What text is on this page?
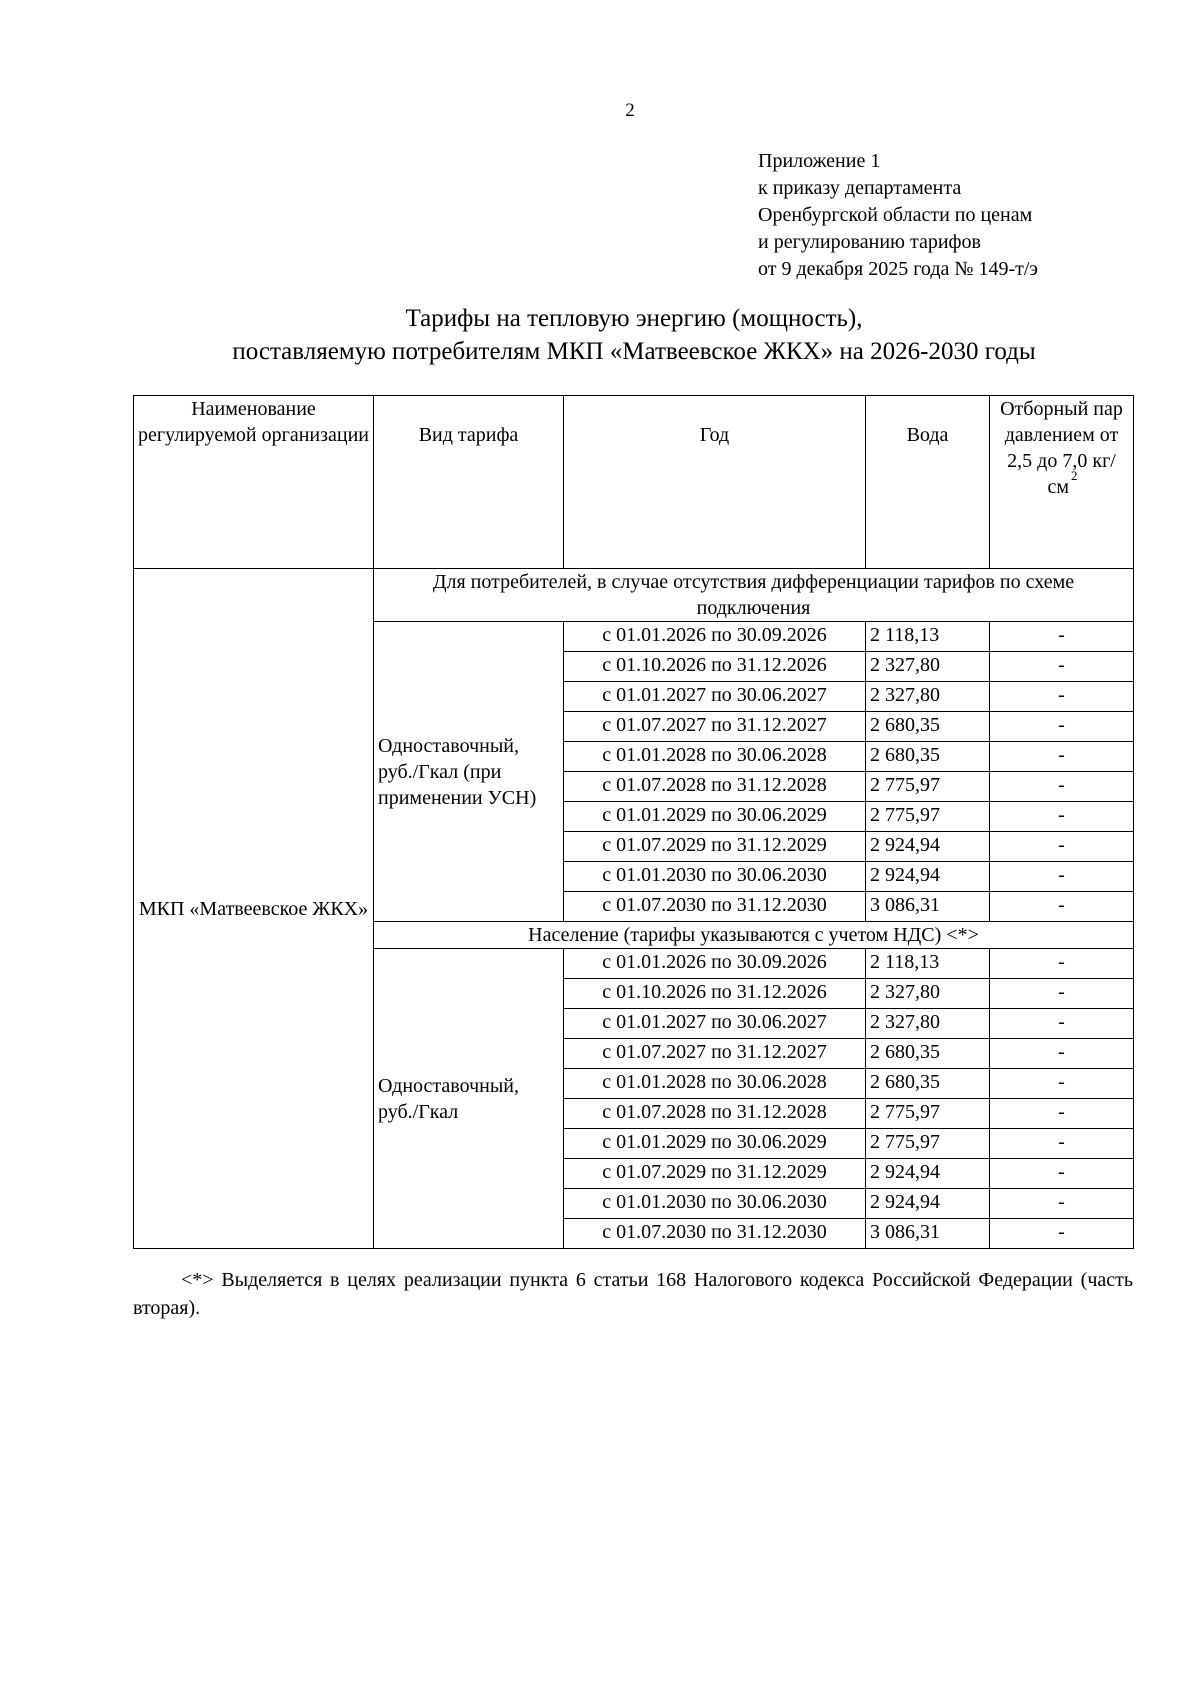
2
Приложение 1
к приказу департамента
Оренбургской области по ценам
и регулированию тарифов
от 9 декабря 2025 года № 149-т/э
Тарифы на тепловую энергию (мощность),
поставляемую потребителям МКП «Матвеевское ЖКХ» на 2026-2030 годы
Наименование регулируемой организации	Вид тарифа	Год	Вода	Отборный пар давлением от 2,5 до 7,0 $кг/см^2$
МКП «Матвеевское ЖКХ»	Для потребителей, в случае отсутствия дифференциации тарифов по схеме подключения			
	Одноставочный, руб./Гкал (при применении УСН)	с 01.01.2026 по 30.09.2026	2 118,13	-
		с 01.10.2026 по 31.12.2026	2 327,80	-
		с 01.01.2027 по 30.06.2027	2 327,80	-
		с 01.07.2027 по 31.12.2027	2 680,35	-
		с 01.01.2028 по 30.06.2028	2 680,35	-
		с 01.07.2028 по 31.12.2028	2 775,97	-
		с 01.01.2029 по 30.06.2029	2 775,97	-
		с 01.07.2029 по 31.12.2029	2 924,94	-
		с 01.01.2030 по 30.06.2030	2 924,94	-
		с 01.07.2030 по 31.12.2030	3 086,31	-
	Население (тарифы указываются с учетом НДС) <*>			
	Одноставочный, руб./Гкал	с 01.01.2026 по 30.09.2026	2 118,13	-
		с 01.10.2026 по 31.12.2026	2 327,80	-
		с 01.01.2027 по 30.06.2027	2 327,80	-
		с 01.07.2027 по 31.12.2027	2 680,35	-
		с 01.01.2028 по 30.06.2028	2 680,35	-
		с 01.07.2028 по 31.12.2028	2 775,97	-
		с 01.01.2029 по 30.06.2029	2 775,97	-
		с 01.07.2029 по 31.12.2029	2 924,94	-
		с 01.01.2030 по 30.06.2030	2 924,94	-
		с 01.07.2030 по 31.12.2030	3 086,31	-
<*> Выделяется в целях реализации пункта 6 статьи 168 Налогового кодекса Российской Федерации (часть вторая).
